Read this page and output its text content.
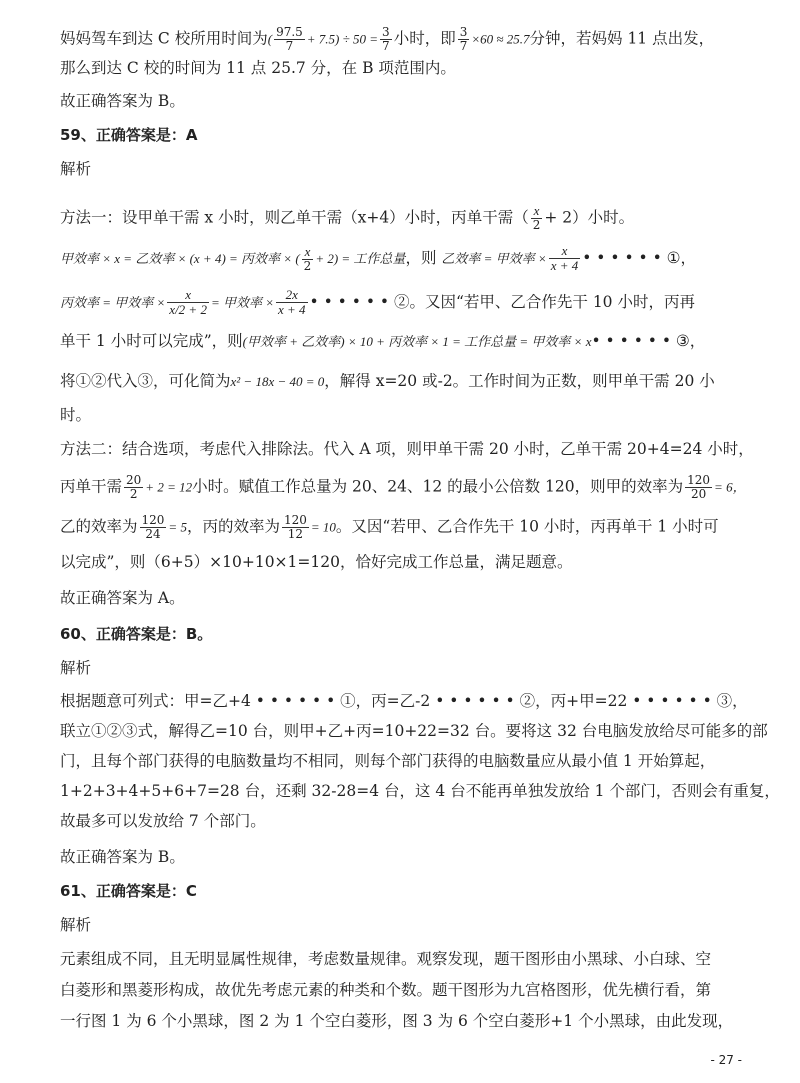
妈妈驾车到达 C 校所用时间为( $\frac{97.5}{7} + 7.5) \div 50 = \frac{3}{7}$ 小时，即 $\frac{3}{7} \times 60 \approx 25.7$分钟，若妈妈 11 点出发，
那么到达 C 校的时间为 11 点 25.7 分，在 B 项范围内。
故正确答案为 B。
59、正确答案是：A
解析
方法一：设甲单干需 x 小时，则乙单干需（x+4）小时，丙单干需（ $\frac{x}{2} + 2$）小时。
甲效率 × x = 乙效率 × (x + 4) = 丙效率 × ( $\frac{x}{2} + 2$) = 工作总量，则 乙效率 = 甲效率 × $\frac{x}{x + 4}$ • • • • • • ①，
丙效率 = 甲效率 × $\frac{x}{x/2 + 2}$ = 甲效率 × $\frac{2x}{x + 4}$ • • • • • • ②。又因“若甲、乙合作先干 10 小时，丙再
单干 1 小时可以完成”，则(甲效率 + 乙效率) × 10 + 丙效率 × 1 = 工作总量 = 甲效率 × x• • • • • • ③，
将①②代入③，可化简为x² − 18x − 40 = 0，解得 x=20 或-2。工作时间为正数，则甲单干需 20 小
时。
方法二：结合选项，考虑代入排除法。代入 A 项，则甲单干需 20 小时，乙单干需 20+4=24 小时，
丙单干需 $\frac{20}{2} + 2 = 12$小时。赋值工作总量为 20、24、12 的最小公倍数 120，则甲的效率为 $\frac{120}{20} = 6$，
乙的效率为 $\frac{120}{24} = 5$，丙的效率为 $\frac{120}{12} = 10$。又因“若甲、乙合作先干 10 小时，丙再单干 1 小时可
以完成”，则（6+5）×10+10×1=120，恰好完成工作总量，满足题意。
故正确答案为 A。
60、正确答案是：B。
解析
根据题意可列式：甲=乙+4 • • • • • • ①，丙=乙-2 • • • • • • ②，丙+甲=22 • • • • • • ③，
联立①②③式，解得乙=10 台，则甲+乙+丙=10+22=32 台。要将这 32 台电脑发放给尽可能多的部
门，且每个部门获得的电脑数量均不相同，则每个部门获得的电脑数量应从最小值 1 开始算起，
1+2+3+4+5+6+7=28 台，还剩 32-28=4 台，这 4 台不能再单独发放给 1 个部门，否则会有重复，
故最多可以发放给 7 个部门。
故正确答案为 B。
61、正确答案是：C
解析
元素组成不同，且无明显属性规律，考虑数量规律。观察发现，题干图形由小黑球、小白球、空
白菱形和黑菱形构成，故优先考虑元素的种类和个数。题干图形为九宫格图形，优先横行看，第
一行图 1 为 6 个小黑球，图 2 为 1 个空白菱形，图 3 为 6 个空白菱形+1 个小黑球，由此发现，
- 27 -
